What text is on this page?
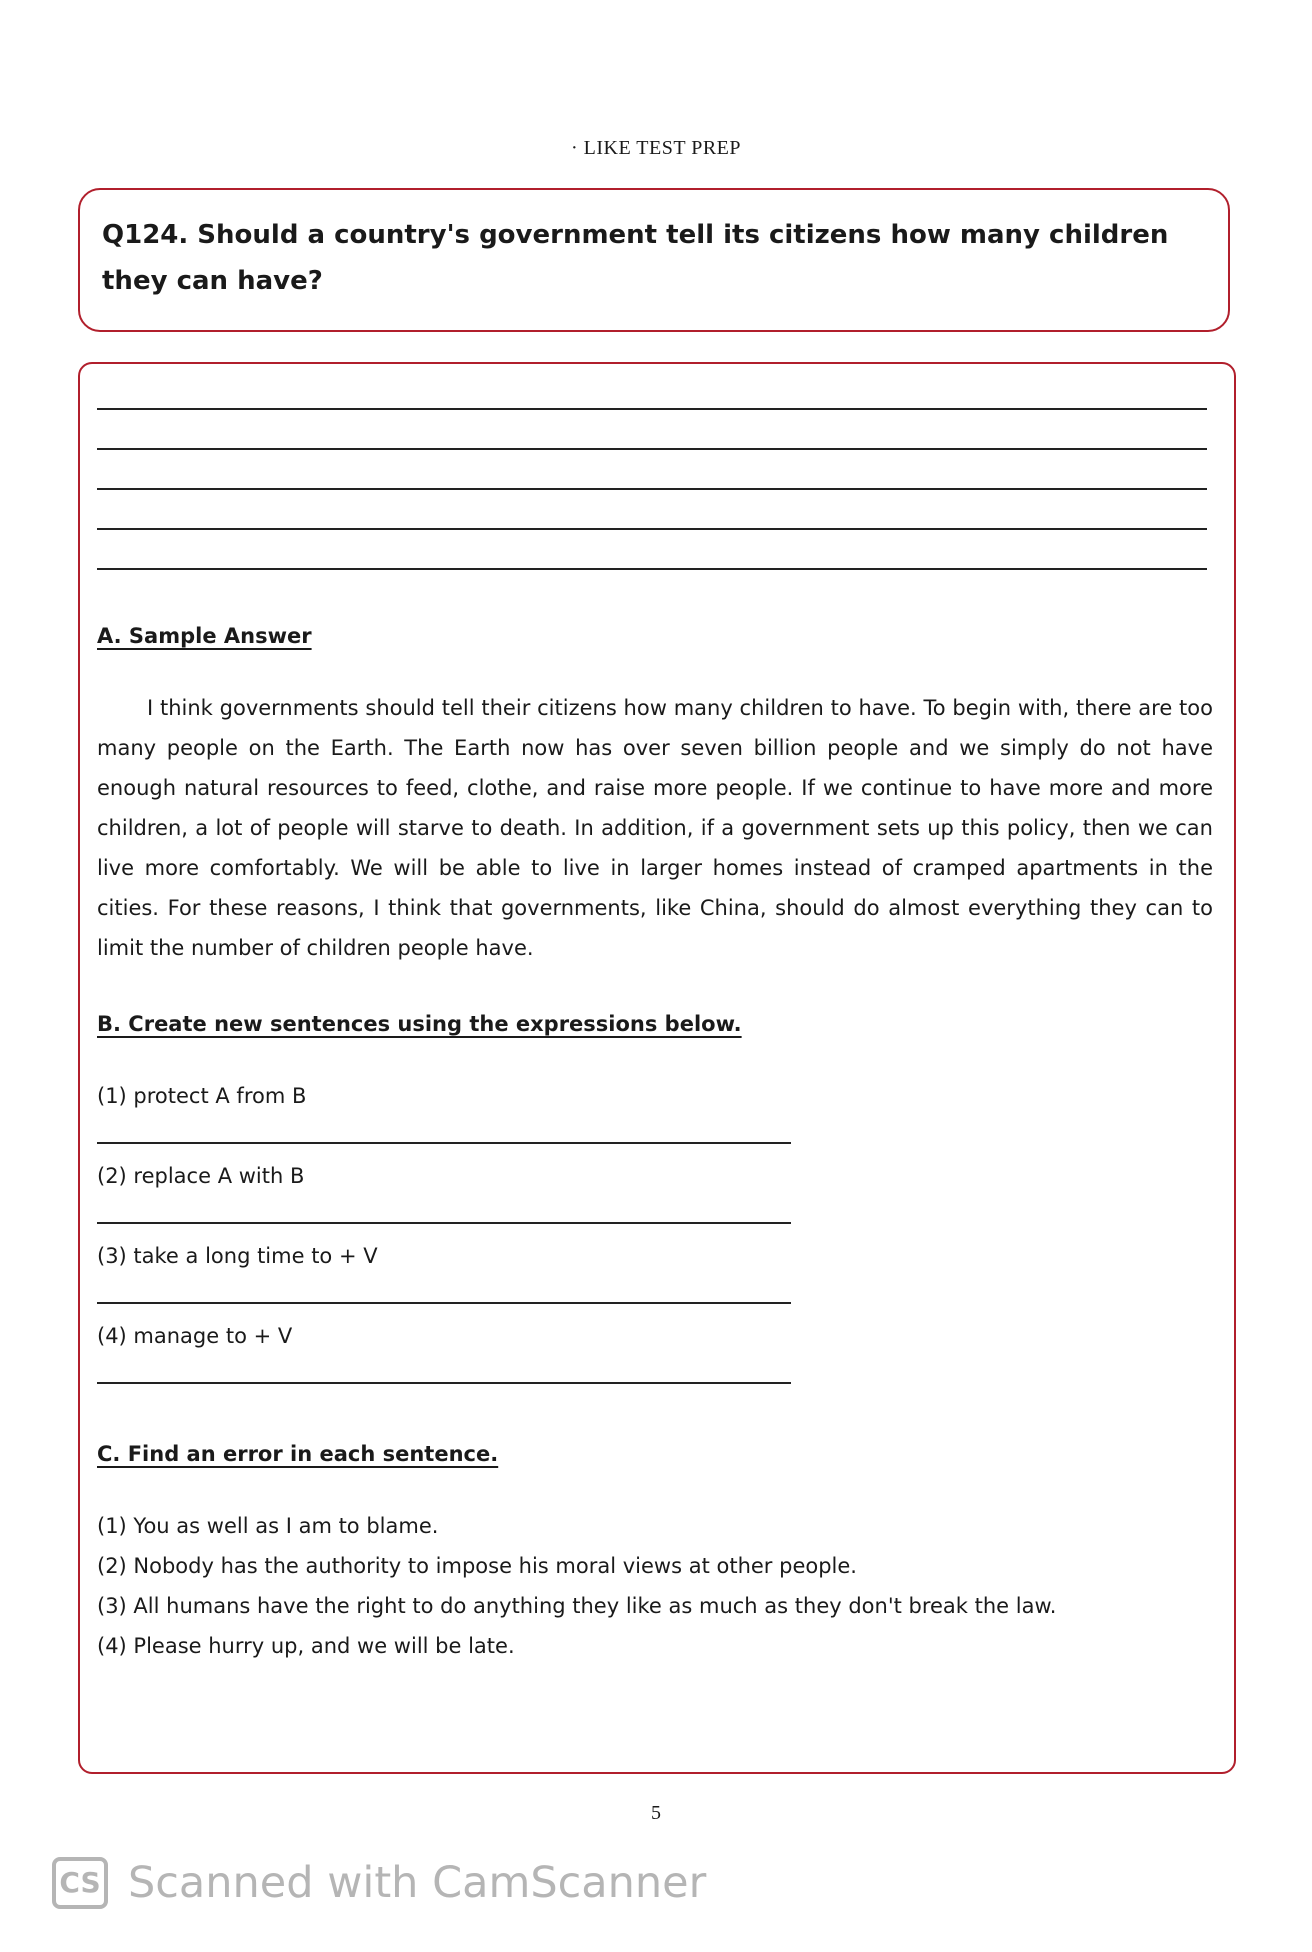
· LIKE TEST PREP
Q124. Should a country's government tell its citizens how many children they can have?
A. Sample Answer
I think governments should tell their citizens how many children to have. To begin with, there are too many people on the Earth. The Earth now has over seven billion people and we simply do not have enough natural resources to feed, clothe, and raise more people. If we continue to have more and more children, a lot of people will starve to death. In addition, if a government sets up this policy, then we can live more comfortably. We will be able to live in larger homes instead of cramped apartments in the cities. For these reasons, I think that governments, like China, should do almost everything they can to limit the number of children people have.
B. Create new sentences using the expressions below.
(1) protect A from B
(2) replace A with B
(3) take a long time to + V
(4) manage to + V
C. Find an error in each sentence.
(1) You as well as I am to blame.
(2) Nobody has the authority to impose his moral views at other people.
(3) All humans have the right to do anything they like as much as they don't break the law.
(4) Please hurry up, and we will be late.
5
CS Scanned with CamScanner
